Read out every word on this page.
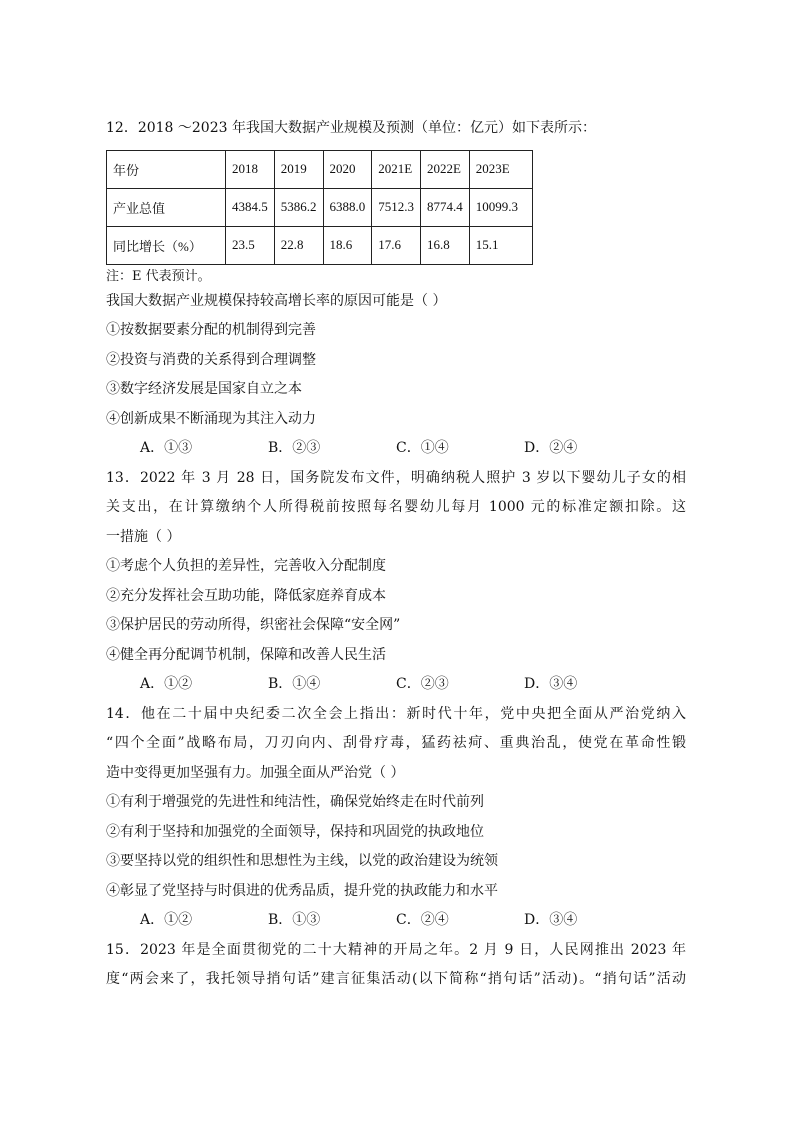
12．2018 ～2023 年我国大数据产业规模及预测（单位：亿元）如下表所示：
年份	2018	2019	2020	2021E	2022E	2023E
产业总值	4384.5	5386.2	6388.0	7512.3	8774.4	10099.3
同比增长（%）	23.5	22.8	18.6	17.6	16.8	15.1
注：E 代表预计。
我国大数据产业规模保持较高增长率的原因可能是（ ）
①按数据要素分配的机制得到完善
②投资与消费的关系得到合理调整
③数字经济发展是国家自立之本
④创新成果不断涌现为其注入动力
A．①③	B．②③	C．①④	D．②④
13．2022 年 3 月 28 日，国务院发布文件，明确纳税人照护 3 岁以下婴幼儿子女的相
关支出，在计算缴纳个人所得税前按照每名婴幼儿每月 1000 元的标准定额扣除。这
一措施（ ）
①考虑个人负担的差异性，完善收入分配制度
②充分发挥社会互助功能，降低家庭养育成本
③保护居民的劳动所得，织密社会保障“安全网”
④健全再分配调节机制，保障和改善人民生活
A．①②	B．①④	C．②③	D．③④
14．他在二十届中央纪委二次全会上指出：新时代十年，党中央把全面从严治党纳入
“四个全面”战略布局，刀刃向内、刮骨疗毒，猛药祛疴、重典治乱，使党在革命性锻
造中变得更加坚强有力。加强全面从严治党（ ）
①有利于增强党的先进性和纯洁性，确保党始终走在时代前列
②有利于坚持和加强党的全面领导，保持和巩固党的执政地位
③要坚持以党的组织性和思想性为主线，以党的政治建设为统领
④彰显了党坚持与时俱进的优秀品质，提升党的执政能力和水平
A．①②	B．①③	C．②④	D．③④
15．2023 年是全面贯彻党的二十大精神的开局之年。2 月 9 日，人民网推出 2023 年
度“两会来了，我托领导捎句话”建言征集活动(以下简称“捎句话”活动)。“捎句话”活动
